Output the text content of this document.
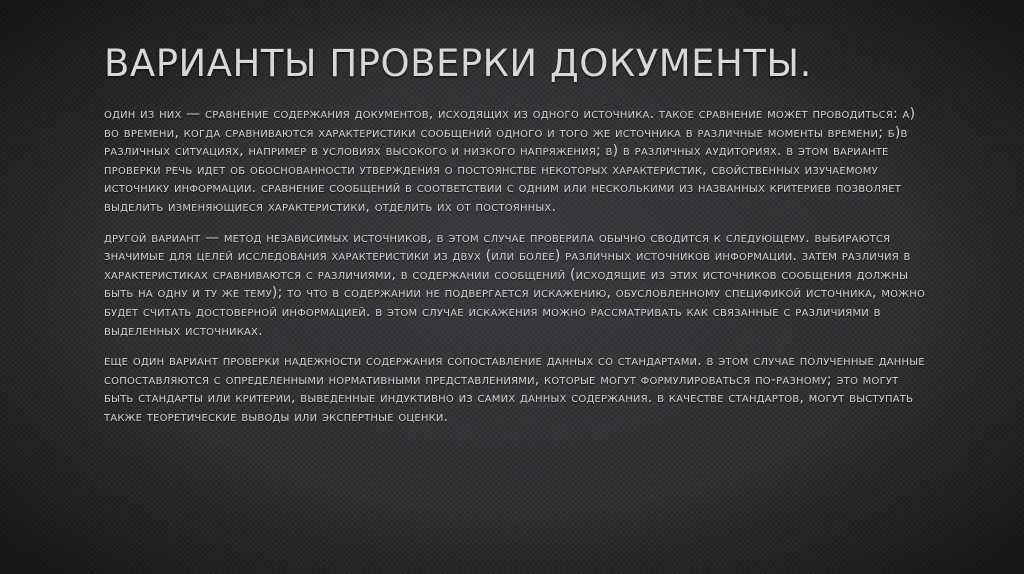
ВАРИАНТЫ ПРОВЕРКИ ДОКУМЕНТЫ.

один из них — сравнение содержания документов, исходящих из одного источника. такое сравнение может проводиться: а) во времени, когда сравниваются характеристики сообщений одного и того же источника в различные моменты времени; б)в различных ситуациях, например в условиях высокого и низкого напряжения; в) в различных аудиториях. в этом варианте проверки речь идет об обоснованности утверждения о постоянстве некоторых характеристик, свойственных изучаемому источнику информации. сравнение сообщений в соответствии с одним или несколькими из названных критериев позволяет выделить изменяющиеся характеристики, отделить их от постоянных.

другой вариант — метод независимых источников, в этом случае проверила обычно сводится к следующему. выбираются значимые для целей исследования характеристики из двух (или более) различных источников информации. затем различия в характеристиках сравниваются с различиями, в содержании сообщений (исходящие из этих источников сообщения должны быть на одну и ту же тему); то что в содержании не подвергается искажению, обусловленному спецификой источника, можно будет считать достоверной информацией. в этом случае искажения можно рассматривать как связанные с различиями в выделенных источниках.

еще один вариант проверки надежности содержания сопоставление данных со стандартами. в этом случае полученные данные сопоставляются с определенными нормативными представлениями, которые могут формулироваться по-разному; это могут быть стандарты или критерии, выведенные индуктивно из самих данных содержания. в качестве стандартов, могут выступать также теоретические выводы или экспертные оценки.
